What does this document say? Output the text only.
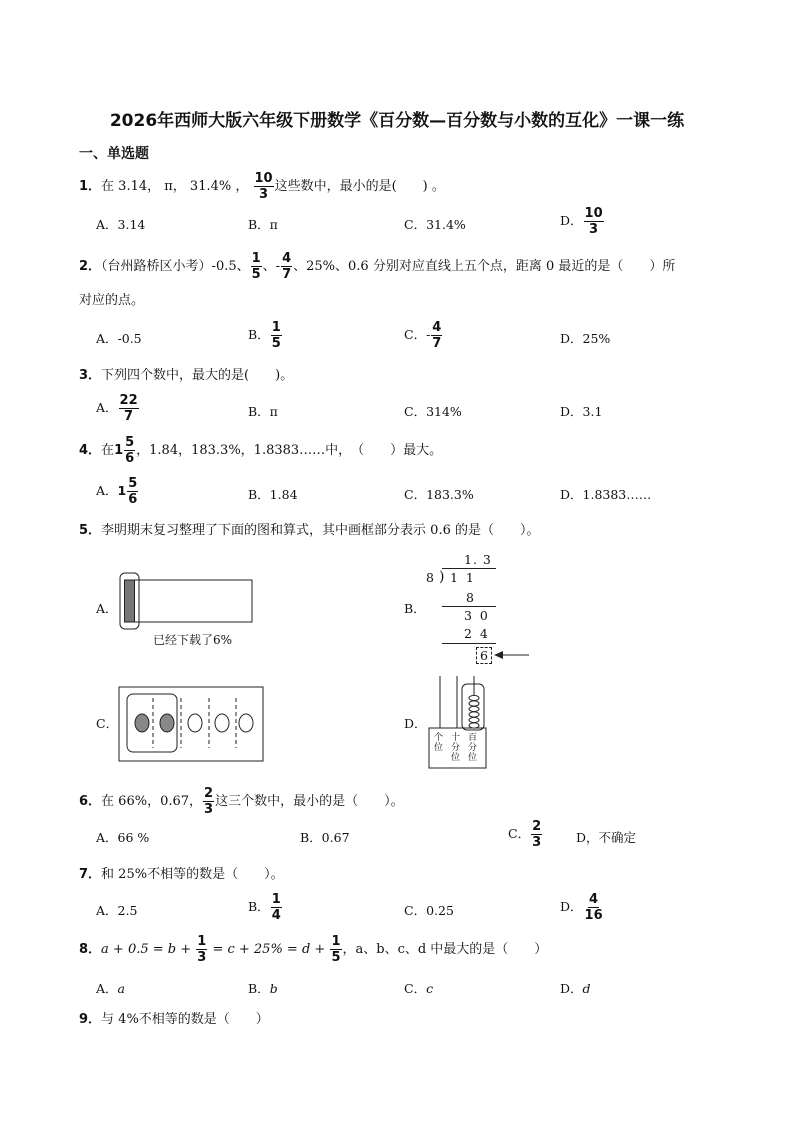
2026年西师大版六年级下册数学《百分数—百分数与小数的互化》一课一练
一、单选题
1．在 3.14， π， 31.4% ， $\frac{10}{3}$ 这些数中，最小的是(　　) 。
A．3.14	B．π	C．31.4%	D． $\frac{10}{3}$
2．（台州路桥区小考）-0.5、 $\frac{1}{5}$ 、- $\frac{4}{7}$ 、25%、0.6 分别对应直线上五个点，距离 0 最近的是（　　）所
对应的点。
A．-0.5	B． $\frac{1}{5}$	C．- $\frac{4}{7}$	D．25%
3．下列四个数中，最大的是(　　)。
A． $\frac{22}{7}$	B．π	C．314%	D．3.1
4．在$1 \frac{5}{6}$ ，1.84，183.3%，1.8383……中，　（　　）最大。
A．$1 \frac{5}{6}$	B．1.84	C．183.3%	D．1.8383……
5．李明期末复习整理了下面的图和算式，其中画框部分表示 0.6 的是（　　）。
A．
已经下载了6%
B．
1. 3
8 ) 1 1
8
3 0
2 4
6
C．	D．
个位
十分位
百分位
6．在 66%，0.67， $\frac{2}{3}$ 这三个数中，最小的是（　　）。
A．66 %	B．0.67	C． $\frac{2}{3}$	D，不确定
7．和 25%不相等的数是（　　）。
A．2.5	B． $\frac{1}{4}$	C．0.25	D． $\frac{4}{16}$
8．$a + 0.5 = b + \frac{1}{3} = c + 25\% = d + \frac{1}{5}$ ，a、b、c、d 中最大的是（　　）
A．a	B．b	C．c	D．d
9．与 4%不相等的数是（　　）
